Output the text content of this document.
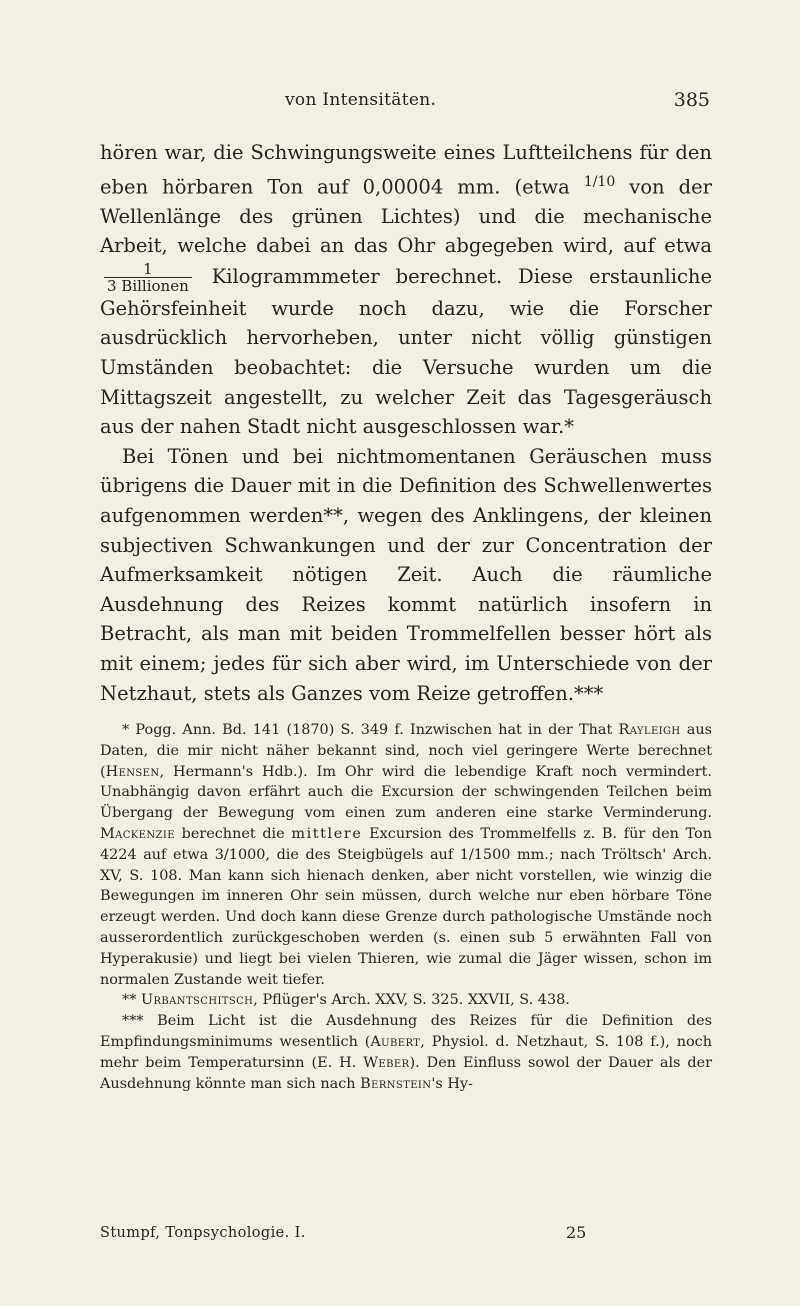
von Intensitäten.	385

hören war, die Schwingungsweite eines Luftteilchens für den eben hörbaren Ton auf 0,00004 mm. (etwa $^{1/10}$ von der Wellenlänge des grünen Lichtes) und die mechanische Arbeit, welche dabei an das Ohr abgegeben wird, auf etwa
$\frac{1}{\text{3 Billionen}}$ Kilogrammmeter berechnet. Diese erstaunliche Gehörsfeinheit wurde noch dazu, wie die Forscher ausdrücklich hervorheben, unter nicht völlig günstigen Umständen beobachtet: die Versuche wurden um die Mittagszeit angestellt, zu welcher Zeit das Tagesgeräusch aus der nahen Stadt nicht ausgeschlossen war.*

Bei Tönen und bei nichtmomentanen Geräuschen muss übrigens die Dauer mit in die Definition des Schwellenwertes aufgenommen werden**, wegen des Anklingens, der kleinen subjectiven Schwankungen und der zur Concentration der Aufmerksamkeit nötigen Zeit. Auch die räumliche Ausdehnung des Reizes kommt natürlich insofern in Betracht, als man mit beiden Trommelfellen besser hört als mit einem; jedes für sich aber wird, im Unterschiede von der Netzhaut, stets als Ganzes vom Reize getroffen.***

* Pogg. Ann. Bd. 141 (1870) S. 349 f. Inzwischen hat in der That Rayleigh aus Daten, die mir nicht näher bekannt sind, noch viel geringere Werte berechnet (Hensen, Hermann's Hdb.). Im Ohr wird die lebendige Kraft noch vermindert. Unabhängig davon erfährt auch die Excursion der schwingenden Teilchen beim Übergang der Bewegung vom einen zum anderen eine starke Verminderung. Mackenzie berechnet die mittlere Excursion des Trommelfells z. B. für den Ton 4224 auf etwa 3/1000, die des Steigbügels auf 1/1500 mm.; nach Tröltsch' Arch. XV, S. 108. Man kann sich hienach denken, aber nicht vorstellen, wie winzig die Bewegungen im inneren Ohr sein müssen, durch welche nur eben hörbare Töne erzeugt werden. Und doch kann diese Grenze durch pathologische Umstände noch ausserordentlich zurückgeschoben werden (s. einen sub 5 erwähnten Fall von Hyperakusie) und liegt bei vielen Thieren, wie zumal die Jäger wissen, schon im normalen Zustande weit tiefer.

** Urbantschitsch, Pflüger's Arch. XXV, S. 325. XXVII, S. 438.

*** Beim Licht ist die Ausdehnung des Reizes für die Definition des Empfindungsminimums wesentlich (Aubert, Physiol. d. Netzhaut, S. 108 f.), noch mehr beim Temperatursinn (E. H. Weber). Den Einfluss sowol der Dauer als der Ausdehnung könnte man sich nach Bernstein's Hy-

Stumpf, Tonpsychologie. I.	25
